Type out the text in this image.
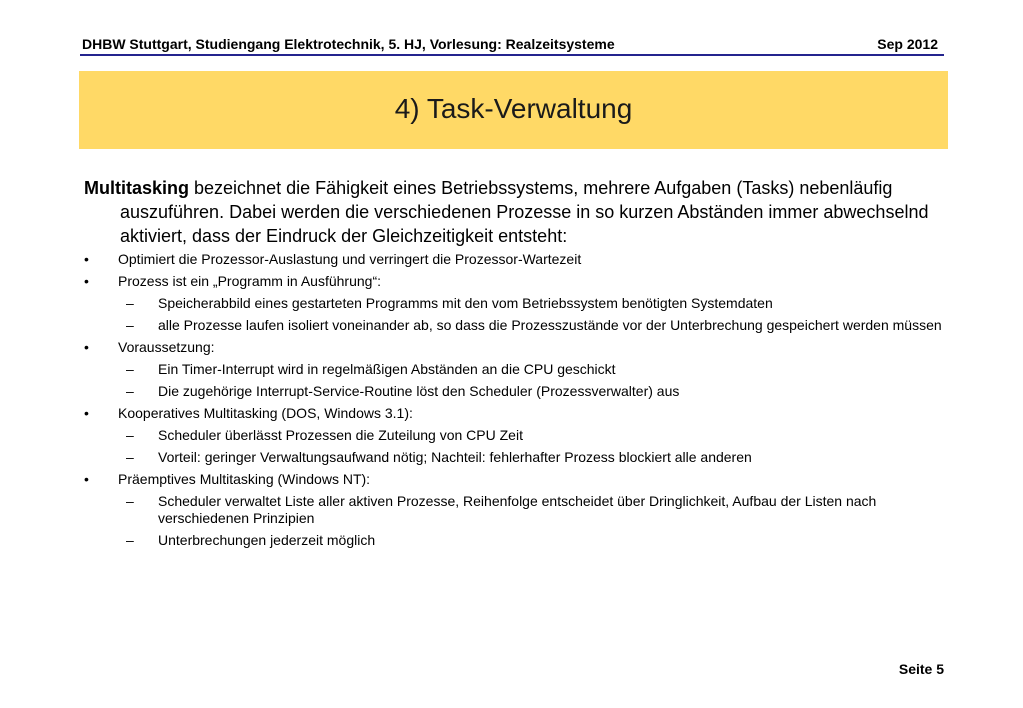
DHBW Stuttgart, Studiengang Elektrotechnik, 5. HJ, Vorlesung: Realzeitsysteme	Sep 2012
4) Task-Verwaltung

Multitasking bezeichnet die Fähigkeit eines Betriebssystems, mehrere Aufgaben (Tasks) nebenläufig auszuführen. Dabei werden die verschiedenen Prozesse in so kurzen Abständen immer abwechselnd aktiviert, dass der Eindruck der Gleichzeitigkeit entsteht:

• Optimiert die Prozessor-Auslastung und verringert die Prozessor-Wartezeit
• Prozess ist ein „Programm in Ausführung“:
– Speicherabbild eines gestarteten Programms mit den vom Betriebssystem benötigten Systemdaten
– alle Prozesse laufen isoliert voneinander ab, so dass die Prozesszustände vor der Unterbrechung gespeichert werden müssen
• Voraussetzung:
– Ein Timer-Interrupt wird in regelmäßigen Abständen an die CPU geschickt
– Die zugehörige Interrupt-Service-Routine löst den Scheduler (Prozessverwalter) aus
• Kooperatives Multitasking (DOS, Windows 3.1):
– Scheduler überlässt Prozessen die Zuteilung von CPU Zeit
– Vorteil: geringer Verwaltungsaufwand nötig; Nachteil: fehlerhafter Prozess blockiert alle anderen
• Präemptives Multitasking (Windows NT):
– Scheduler verwaltet Liste aller aktiven Prozesse, Reihenfolge entscheidet über Dringlichkeit, Aufbau der Listen nach verschiedenen Prinzipien
– Unterbrechungen jederzeit möglich
Seite 5
